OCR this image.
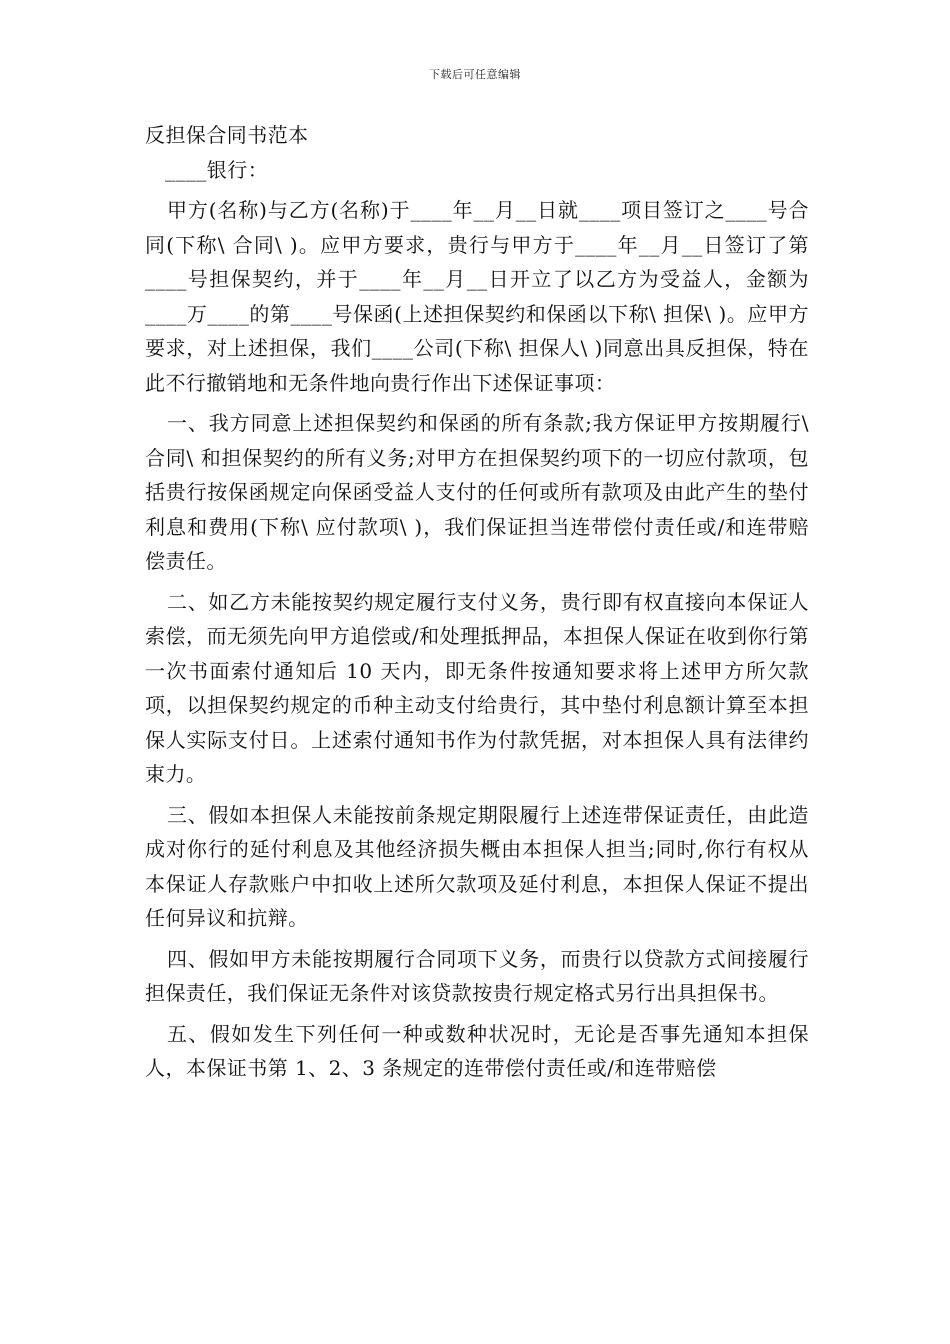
下载后可任意编辑
反担保合同书范本

____银行：

甲方(名称)与乙方(名称)于____年__月__日就____项目签订之____号合同(下称\ 合同\ )。应甲方要求，贵行与甲方于____年__月__日签订了第____号担保契约，并于____年__月__日开立了以乙方为受益人，金额为____万____的第____号保函(上述担保契约和保函以下称\ 担保\ )。应甲方要求，对上述担保，我们____公司(下称\ 担保人\ )同意出具反担保，特在此不行撤销地和无条件地向贵行作出下述保证事项：

一、我方同意上述担保契约和保函的所有条款;我方保证甲方按期履行\ 合同\ 和担保契约的所有义务;对甲方在担保契约项下的一切应付款项，包括贵行按保函规定向保函受益人支付的任何或所有款项及由此产生的垫付利息和费用(下称\ 应付款项\ )，我们保证担当连带偿付责任或/和连带赔偿责任。

二、如乙方未能按契约规定履行支付义务，贵行即有权直接向本保证人索偿，而无须先向甲方追偿或/和处理抵押品，本担保人保证在收到你行第一次书面索付通知后 10 天内，即无条件按通知要求将上述甲方所欠款项，以担保契约规定的币种主动支付给贵行，其中垫付利息额计算至本担保人实际支付日。上述索付通知书作为付款凭据，对本担保人具有法律约束力。

三、假如本担保人未能按前条规定期限履行上述连带保证责任，由此造成对你行的延付利息及其他经济损失概由本担保人担当;同时,你行有权从本保证人存款账户中扣收上述所欠款项及延付利息，本担保人保证不提出任何异议和抗辩。

四、假如甲方未能按期履行合同项下义务，而贵行以贷款方式间接履行担保责任，我们保证无条件对该贷款按贵行规定格式另行出具担保书。

五、假如发生下列任何一种或数种状况时，无论是否事先通知本担保人，本保证书第 1、2、3 条规定的连带偿付责任或/和连带赔偿
